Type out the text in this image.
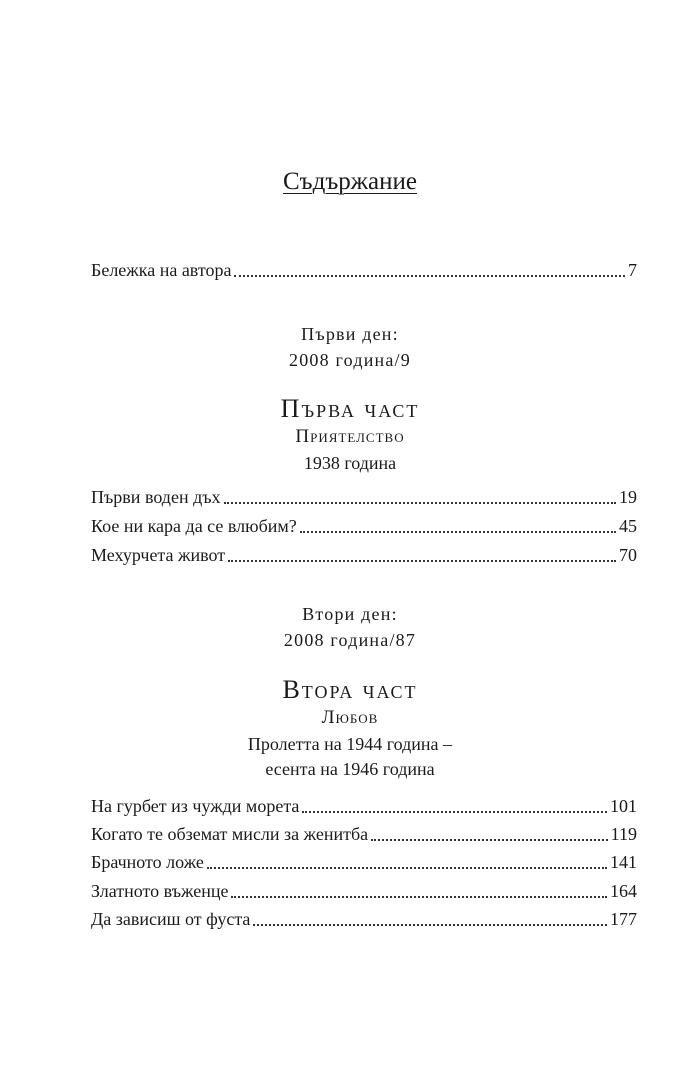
Съдържание
Бележка на автора	7
Първи ден:
2008 година/9
Първа част
Приятелство
1938 година
Първи воден дъх	19
Кое ни кара да се влюбим?	45
Мехурчета живот	70
Втори ден:
2008 година/87
Втора част
Любов
Пролетта на 1944 година –
есента на 1946 година
На гурбет из чужди морета	101
Когато те обземат мисли за женитба	119
Брачното ложе	141
Златното въженце	164
Да зависиш от фуста	177
